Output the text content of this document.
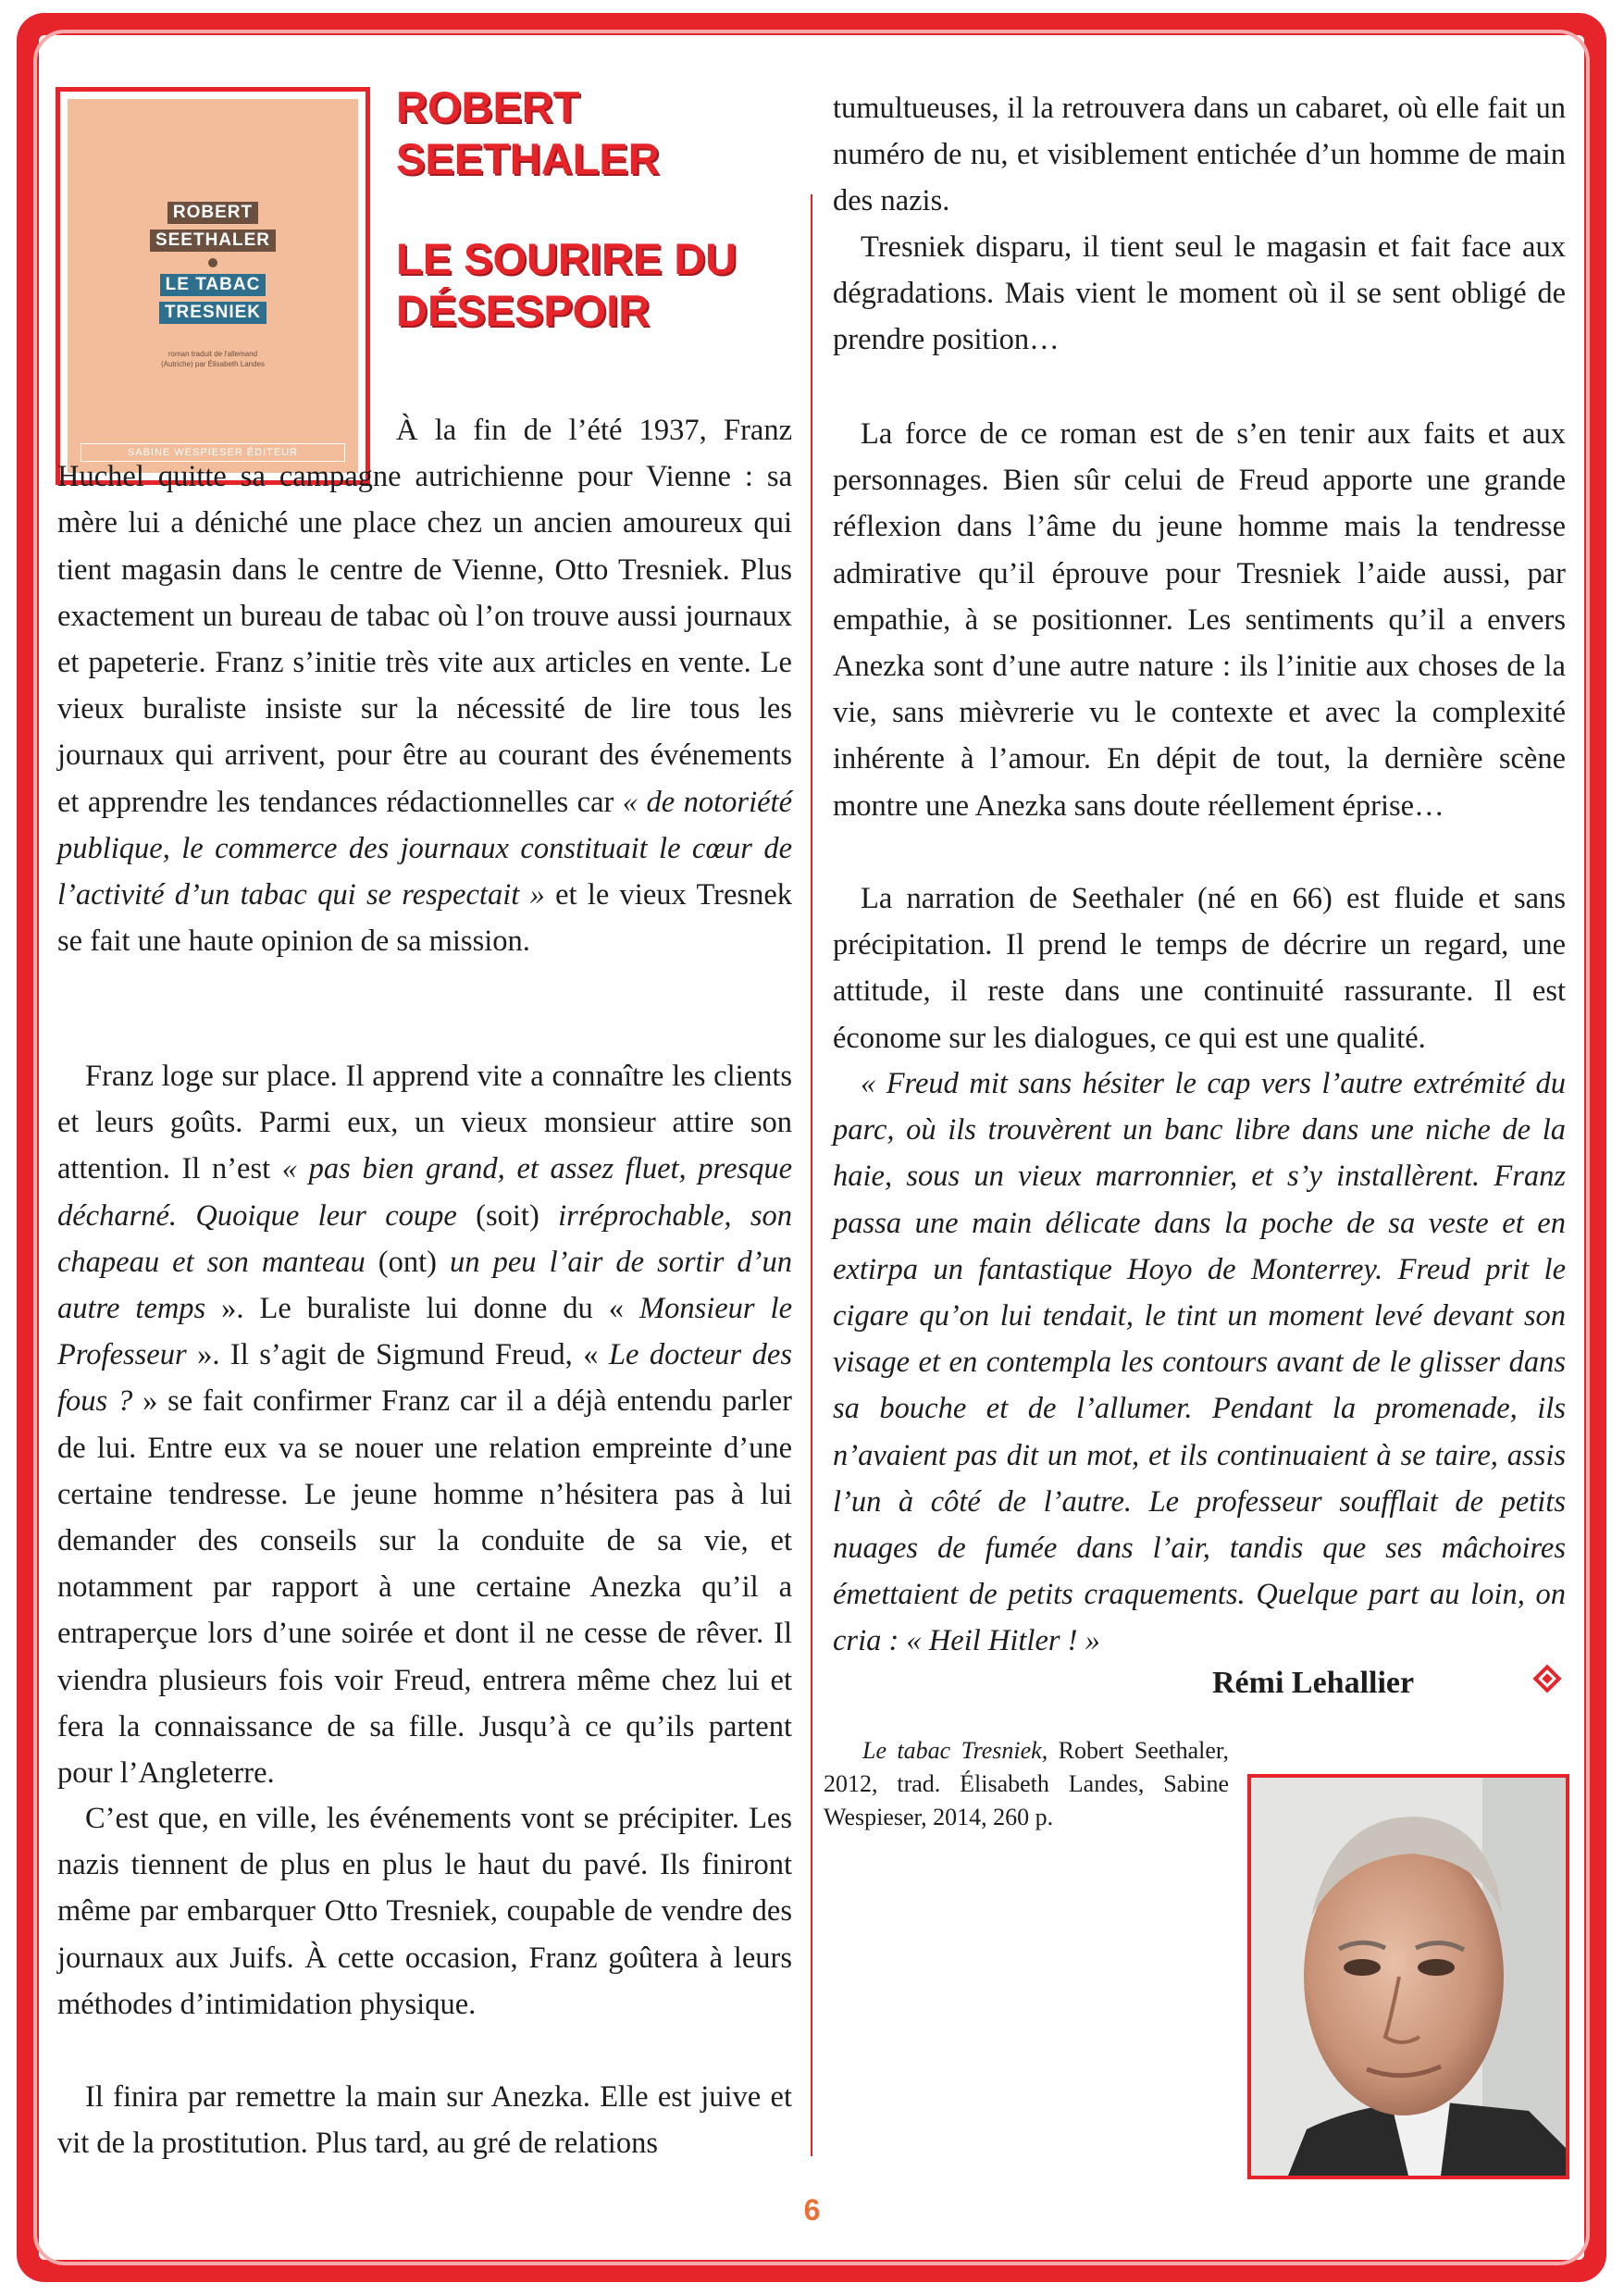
ROBERT
SEETHALER
LE TABAC
TRESNIEK
roman traduit de l'allemand
(Autriche) par Élisabeth Landes
SABINE WESPIESER ÉDITEUR
ROBERT SEETHALER
LE SOURIRE DU DÉSESPOIR

À la fin de l’été 1937, Franz Huchel quitte sa campagne autrichienne pour Vienne : sa mère lui a déniché une place chez un ancien amoureux qui tient magasin dans le centre de Vienne, Otto Tresniek. Plus exactement un bureau de tabac où l’on trouve aussi journaux et papeterie. Franz s’initie très vite aux articles en vente. Le vieux buraliste insiste sur la nécessité de lire tous les journaux qui arrivent, pour être au courant des événements et apprendre les tendances rédactionnelles car « de notoriété publique, le commerce des journaux constituait le cœur de l’activité d’un tabac qui se respectait » et le vieux Tresnek se fait une haute opinion de sa mission.

Franz loge sur place. Il apprend vite a connaître les clients et leurs goûts. Parmi eux, un vieux monsieur attire son attention. Il n’est « pas bien grand, et assez fluet, presque décharné. Quoique leur coupe (soit) irréprochable, son chapeau et son manteau (ont) un peu l’air de sortir d’un autre temps ». Le buraliste lui donne du « Monsieur le Professeur ». Il s’agit de Sigmund Freud, « Le docteur des fous ? » se fait confirmer Franz car il a déjà entendu parler de lui. Entre eux va se nouer une relation empreinte d’une certaine tendresse. Le jeune homme n’hésitera pas à lui demander des conseils sur la conduite de sa vie, et notamment par rapport à une certaine Anezka qu’il a entraperçue lors d’une soirée et dont il ne cesse de rêver. Il viendra plusieurs fois voir Freud, entrera même chez lui et fera la connaissance de sa fille. Jusqu’à ce qu’ils partent pour l’Angleterre.

C’est que, en ville, les événements vont se précipiter. Les nazis tiennent de plus en plus le haut du pavé. Ils finiront même par embarquer Otto Tresniek, coupable de vendre des journaux aux Juifs. À cette occasion, Franz goûtera à leurs méthodes d’intimidation physique.

Il finira par remettre la main sur Anezka. Elle est juive et vit de la prostitution. Plus tard, au gré de relations

tumultueuses, il la retrouvera dans un cabaret, où elle fait un numéro de nu, et visiblement entichée d’un homme de main des nazis.

Tresniek disparu, il tient seul le magasin et fait face aux dégradations. Mais vient le moment où il se sent obligé de prendre position…

La force de ce roman est de s’en tenir aux faits et aux personnages. Bien sûr celui de Freud apporte une grande réflexion dans l’âme du jeune homme mais la tendresse admirative qu’il éprouve pour Tresniek l’aide aussi, par empathie, à se positionner. Les sentiments qu’il a envers Anezka sont d’une autre nature : ils l’initie aux choses de la vie, sans mièvrerie vu le contexte et avec la complexité inhérente à l’amour. En dépit de tout, la dernière scène montre une Anezka sans doute réellement éprise…

La narration de Seethaler (né en 66) est fluide et sans précipitation. Il prend le temps de décrire un regard, une attitude, il reste dans une continuité rassurante. Il est économe sur les dialogues, ce qui est une qualité.

« Freud mit sans hésiter le cap vers l’autre extrémité du parc, où ils trouvèrent un banc libre dans une niche de la haie, sous un vieux marronnier, et s’y installèrent. Franz passa une main délicate dans la poche de sa veste et en extirpa un fantastique Hoyo de Monterrey. Freud prit le cigare qu’on lui tendait, le tint un moment levé devant son visage et en contempla les contours avant de le glisser dans sa bouche et de l’allumer. Pendant la promenade, ils n’avaient pas dit un mot, et ils continuaient à se taire, assis l’un à côté de l’autre. Le professeur soufflait de petits nuages de fumée dans l’air, tandis que ses mâchoires émettaient de petits craquements. Quelque part au loin, on cria : « Heil Hitler ! »

Rémi Lehallier

Le tabac Tresniek, Robert Seethaler, 2012, trad. Élisabeth Landes, Sabine Wespieser, 2014, 260 p.

6
